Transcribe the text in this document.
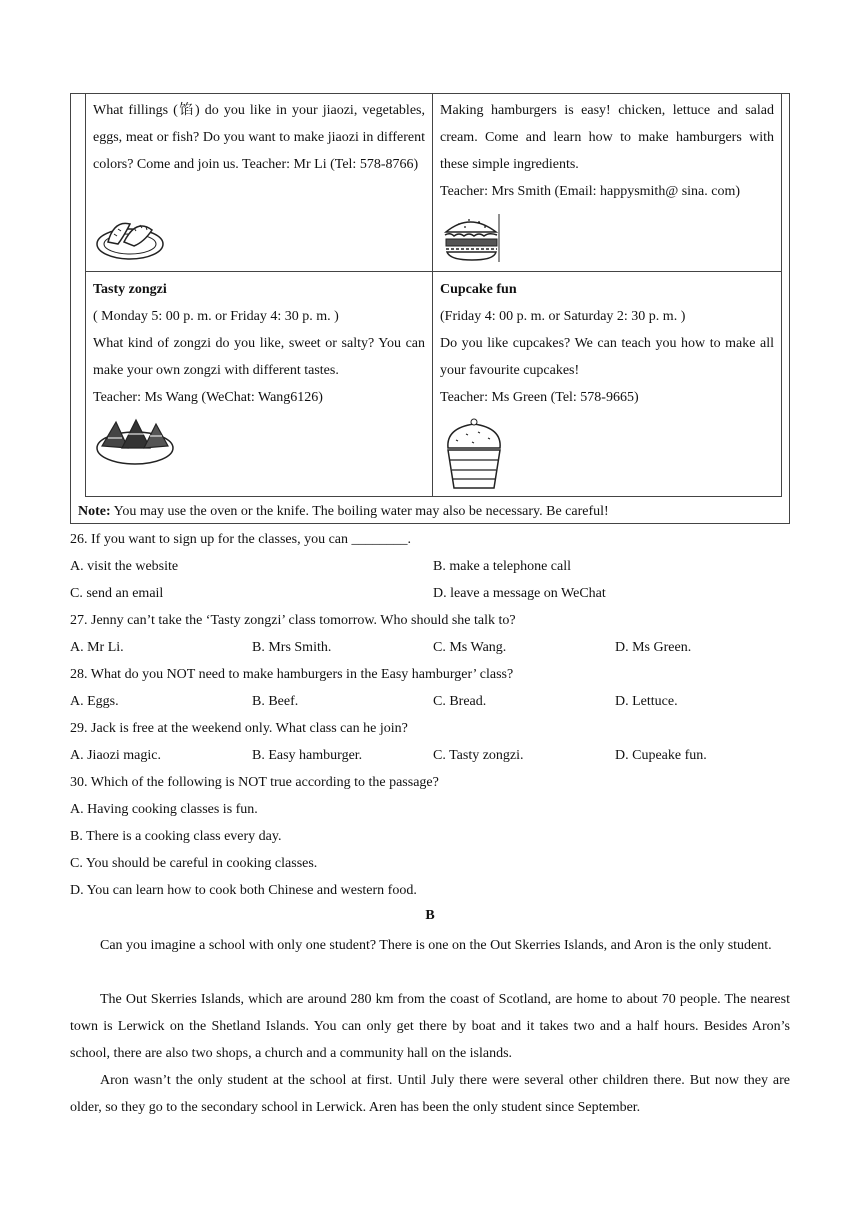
What fillings (馅) do you like in your jiaozi, vegetables, eggs, meat or fish? Do you want to make jiaozi in different colors? Come and join us. Teacher: Mr Li (Tel: 578-8766)
Making hamburgers is easy! chicken, lettuce and salad cream. Come and learn how to make hamburgers with these simple ingredients.
Teacher: Mrs Smith (Email: happysmith@ sina. com)
Tasty zongzi
( Monday 5: 00 p. m. or Friday 4: 30 p. m. )
What kind of zongzi do you like, sweet or salty? You can make your own zongzi with different tastes.
Teacher: Ms Wang (WeChat: Wang6126)
Cupcake fun
(Friday 4: 00 p. m. or Saturday 2: 30 p. m. )
Do you like cupcakes? We can teach you how to make all your favourite cupcakes!
Teacher: Ms Green (Tel: 578-9665)
Note: You may use the oven or the knife. The boiling water may also be necessary. Be careful!
26. If you want to sign up for the classes, you can ________.
A. visit the website	B. make a telephone call
C. send an email	D. leave a message on WeChat
27. Jenny can’t take the ‘Tasty zongzi’ class tomorrow. Who should she talk to?
A. Mr Li.	B. Mrs Smith.	C. Ms Wang.	D. Ms Green.
28. What do you NOT need to make hamburgers in the Easy hamburger’ class?
A. Eggs.	B. Beef.	C. Bread.	D. Lettuce.
29. Jack is free at the weekend only. What class can he join?
A. Jiaozi magic.	B. Easy hamburger.	C. Tasty zongzi.	D. Cupeake fun.
30. Which of the following is NOT true according to the passage?
A. Having cooking classes is fun.
B. There is a cooking class every day.
C. You should be careful in cooking classes.
D. You can learn how to cook both Chinese and western food.
B
Can you imagine a school with only one student? There is one on the Out Skerries Islands, and Aron is the only student.
The Out Skerries Islands, which are around 280 km from the coast of Scotland, are home to about 70 people. The nearest town is Lerwick on the Shetland Islands. You can only get there by boat and it takes two and a half hours. Besides Aron’s school, there are also two shops, a church and a community hall on the islands.
Aron wasn’t the only student at the school at first. Until July there were several other children there. But now they are older, so they go to the secondary school in Lerwick. Aren has been the only student since September.
